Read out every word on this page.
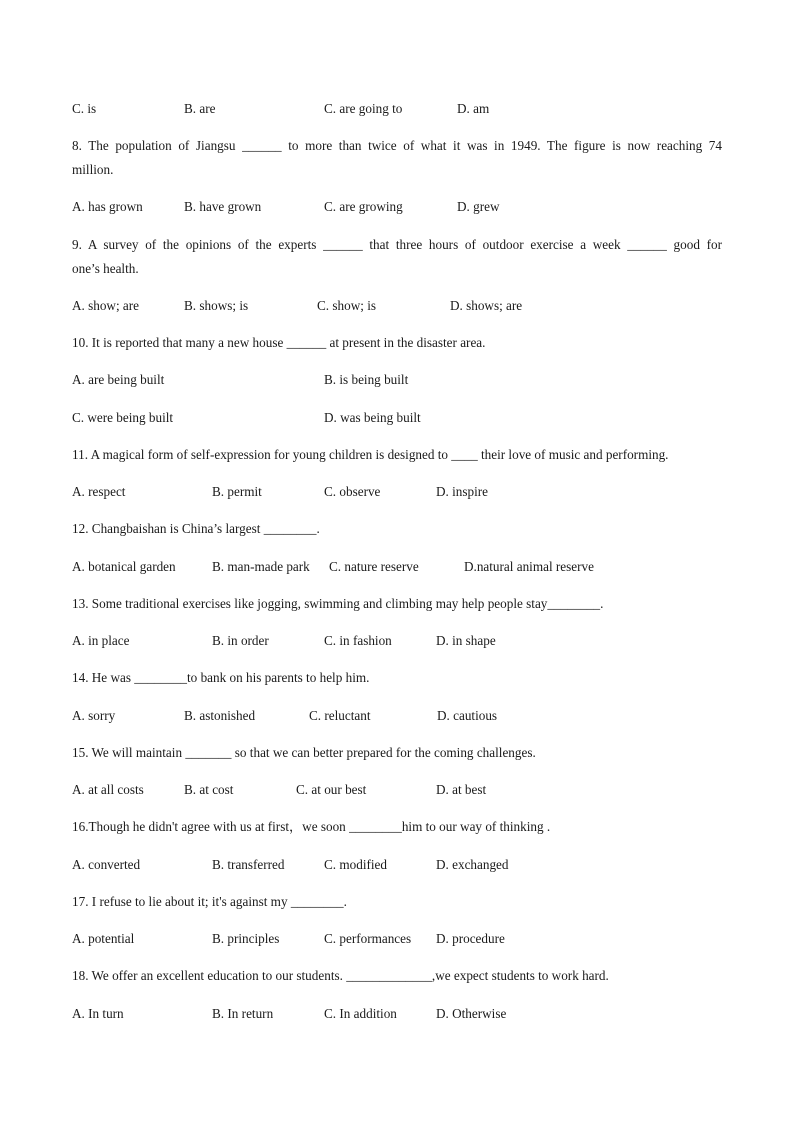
C. is	B. are	C. are going to	D. am
8. The population of Jiangsu ______ to more than twice of what it was in 1949. The figure is now reaching 74
million.
A. has grown	B. have grown	C. are growing	D. grew
9. A survey of the opinions of the experts ______ that three hours of outdoor exercise a week ______ good for
one’s health.
A. show; are	B. shows; is	C. show; is	D. shows; are
10. It is reported that many a new house ______ at present in the disaster area.
A. are being built	B. is being built
C. were being built	D. was being built
11. A magical form of self-expression for young children is designed to ____ their love of music and performing.
A. respect	B. permit	C. observe	D. inspire
12. Changbaishan is China’s largest ________.
A. botanical garden	B. man-made park C. nature reserve	D.natural animal reserve
13. Some traditional exercises like jogging, swimming and climbing may help people stay________.
A. in place	B. in order	C. in fashion	D. in shape
14. He was ________to bank on his parents to help him.
A. sorry	B. astonished	C. reluctant	D. cautious
15. We will maintain _______ so that we can better prepared for the coming challenges.
A. at all costs	B. at cost	C. at our best	D. at best
16.Though he didn't agree with us at first，we soon ________him to our way of thinking .
A. converted	B. transferred	C. modified	D. exchanged
17. I refuse to lie about it; it's against my ________.
A. potential	B. principles	C. performances D. procedure
18. We offer an excellent education to our students. _____________,we expect students to work hard.
A. In turn	B. In return	C. In addition	D. Otherwise
